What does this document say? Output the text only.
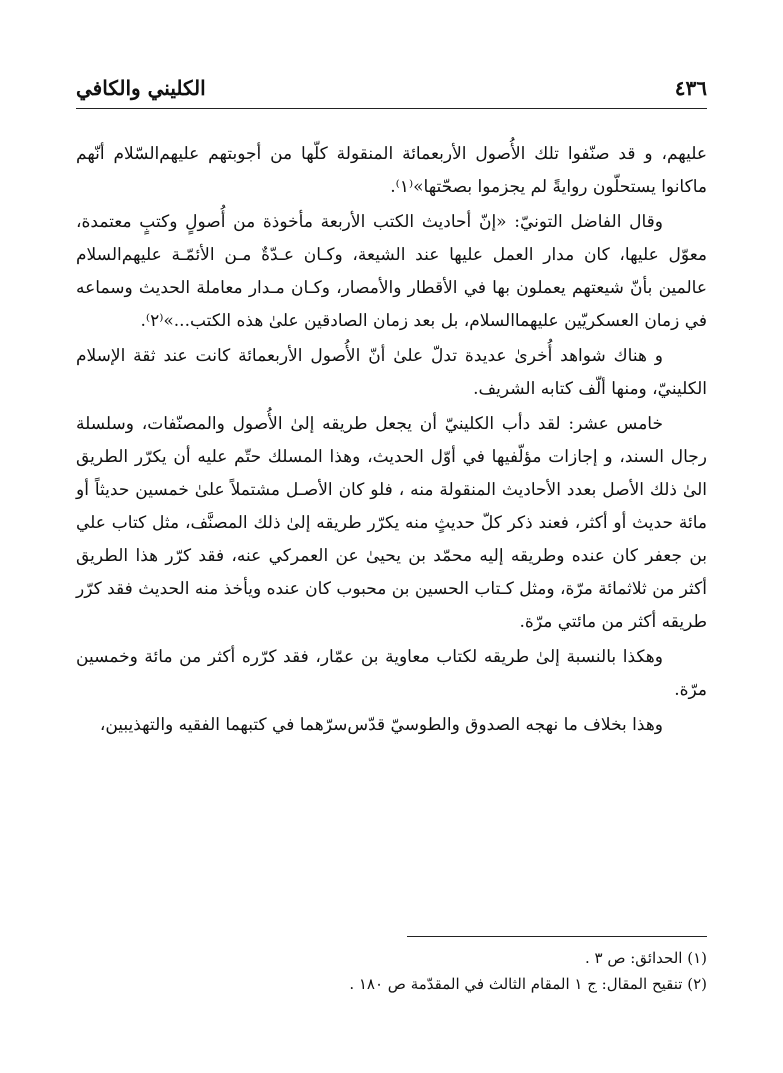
٤٣٦
الكليني والكافي

عليهم، و قد صنّفوا تلك الأُصول الأربعمائة المنقولة كلّها من أجوبتهم عليهم‌السّلام أنّهم ماكانوا يستحلّون روايةً لم يجزموا بصحّتها»⁽١⁾.

وقال الفاضل التونيّ: «إنّ أحاديث الكتب الأربعة مأخوذة من أُصولٍ وكتبٍ معتمدة، معوّل عليها، كان مدار العمل عليها عند الشيعة، وكـان عـدّةٌ مـن الأئمّـة عليهم‌السلام عالمين بأنّ شيعتهم يعملون بها في الأقطار والأمصار، وكـان مـدار معاملة الحديث وسماعه في زمان العسكريّين عليهما‌السلام، بل بعد زمان الصادقين علىٰ هذه الكتب...»⁽٢⁾.

و هناك شواهد أُخرىٰ عديدة تدلّ علىٰ أنّ الأُصول الأربعمائة كانت عند ثقة الإسلام الكلينيّ، ومنها ألّف كتابه الشريف.

خامس عشر: لقد دأب الكلينيّ أن يجعل طريقه إلىٰ الأُصول والمصنّفات، وسلسلة رجال السند، و إجازات مؤلّفيها في أوّل الحديث، وهذا المسلك حتّم عليه أن يكرّر الطريق الىٰ ذلك الأصل بعدد الأحاديث المنقولة منه ، فلو كان الأصـل مشتملاً علىٰ خمسين حديثاً أو مائة حديث أو أكثر، فعند ذكر كلّ حديثٍ منه يكرّر طريقه إلىٰ ذلك المصنَّف، مثل كتاب علي بن جعفر كان عنده وطريقه إليه محمّد بن يحيىٰ عن العمركي عنه، فقد كرّر هذا الطريق أكثر من ثلاثمائة مرّة، ومثل كـتاب الحسين بن محبوب كان عنده ويأخذ منه الحديث فقد كرّر طريقه أكثر من مائتي مرّة.

وهكذا بالنسبة إلىٰ طريقه لكتاب معاوية بن عمّار، فقد كرّره أكثر من مائة وخمسين مرّة.

وهذا بخلاف ما نهجه الصدوق والطوسيّ قدّس‌سرّهما في كتبهما الفقيه والتهذيبين،

(١) الحدائق: ص ٣ .

(٢) تنقيح المقال: ج ١ المقام الثالث في المقدّمة ص ١٨٠ .
